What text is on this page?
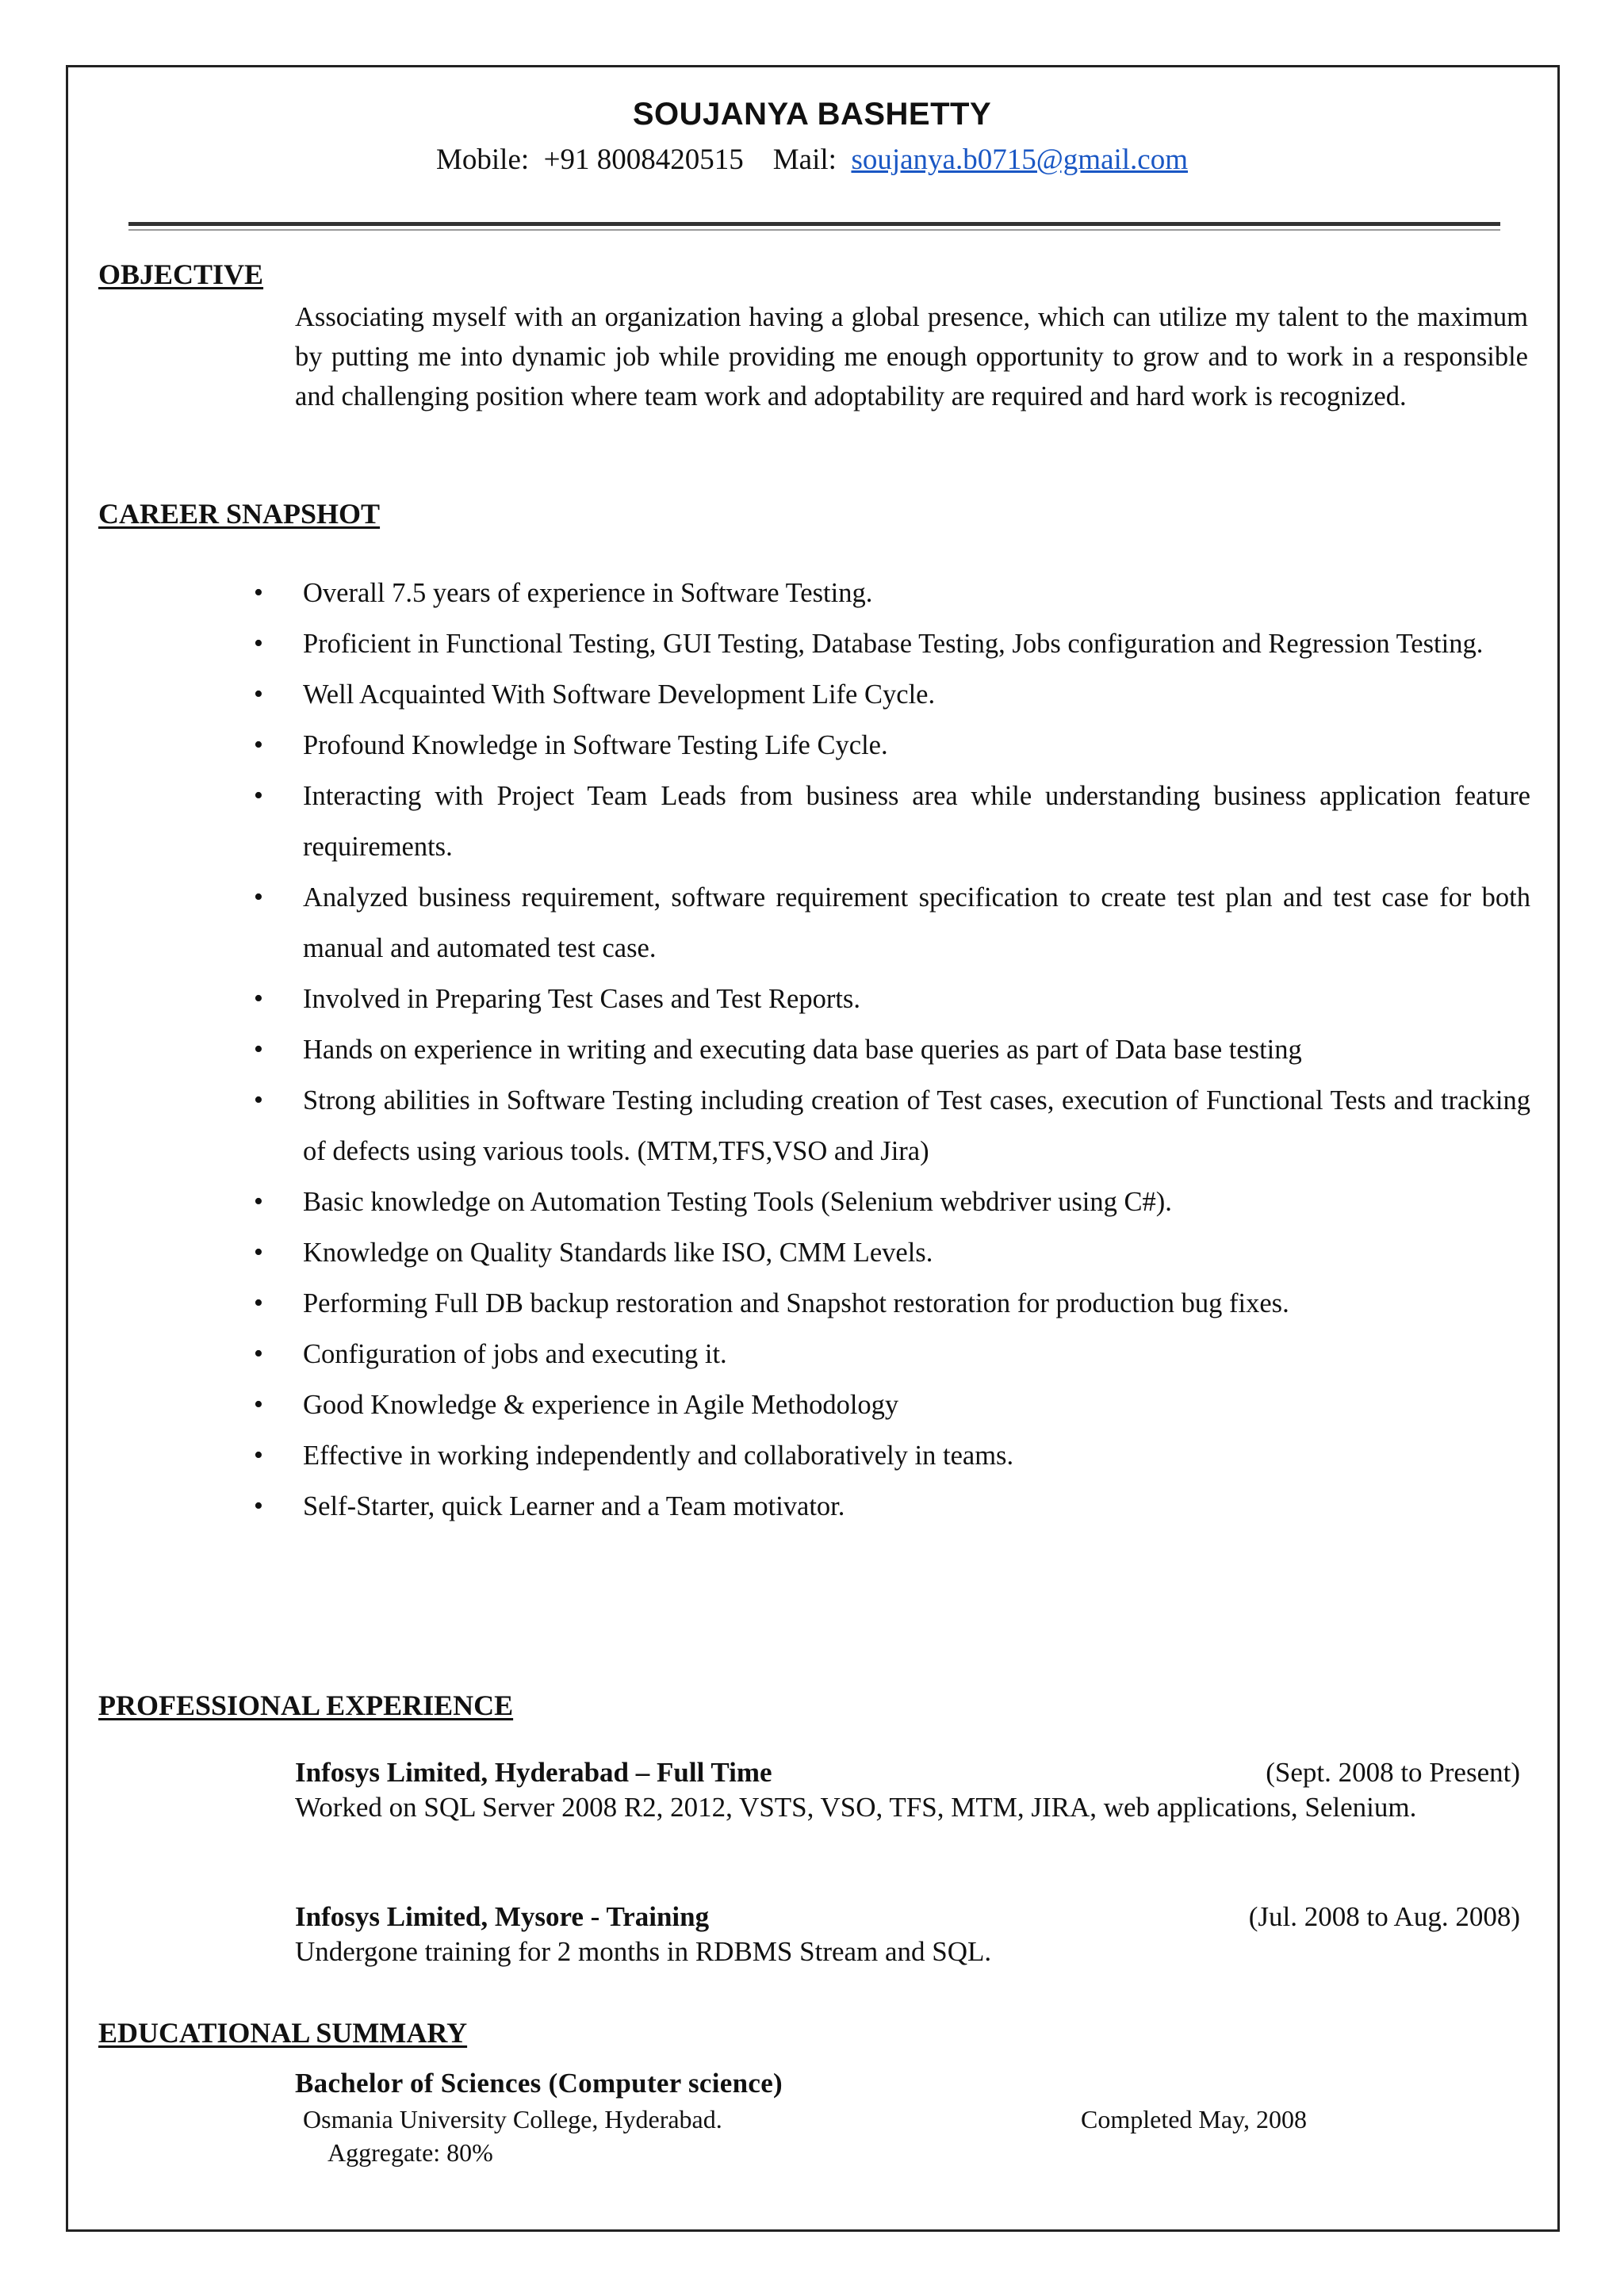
SOUJANYA BASHETTY
Mobile: +91 8008420515 Mail: soujanya.b0715@gmail.com
OBJECTIVE
Associating myself with an organization having a global presence, which can utilize my talent to the maximum by putting me into dynamic job while providing me enough opportunity to grow and to work in a responsible and challenging position where team work and adoptability are required and hard work is recognized.
CAREER SNAPSHOT
• Overall 7.5 years of experience in Software Testing.
• Proficient in Functional Testing, GUI Testing, Database Testing, Jobs configuration and Regression Testing.
• Well Acquainted With Software Development Life Cycle.
• Profound Knowledge in Software Testing Life Cycle.
• Interacting with Project Team Leads from business area while understanding business application feature requirements.
• Analyzed business requirement, software requirement specification to create test plan and test case for both manual and automated test case.
• Involved in Preparing Test Cases and Test Reports.
• Hands on experience in writing and executing data base queries as part of Data base testing
• Strong abilities in Software Testing including creation of Test cases, execution of Functional Tests and tracking of defects using various tools. (MTM,TFS,VSO and Jira)
• Basic knowledge on Automation Testing Tools (Selenium webdriver using C#).
• Knowledge on Quality Standards like ISO, CMM Levels.
• Performing Full DB backup restoration and Snapshot restoration for production bug fixes.
• Configuration of jobs and executing it.
• Good Knowledge & experience in Agile Methodology
• Effective in working independently and collaboratively in teams.
• Self-Starter, quick Learner and a Team motivator.
PROFESSIONAL EXPERIENCE
Infosys Limited, Hyderabad – Full Time	(Sept. 2008 to Present)
Worked on SQL Server 2008 R2, 2012, VSTS, VSO, TFS, MTM, JIRA, web applications, Selenium.
Infosys Limited, Mysore - Training	(Jul. 2008 to Aug. 2008)
Undergone training for 2 months in RDBMS Stream and SQL.
EDUCATIONAL SUMMARY
Bachelor of Sciences (Computer science)
Osmania University College, Hyderabad.	Completed May, 2008
Aggregate: 80%
